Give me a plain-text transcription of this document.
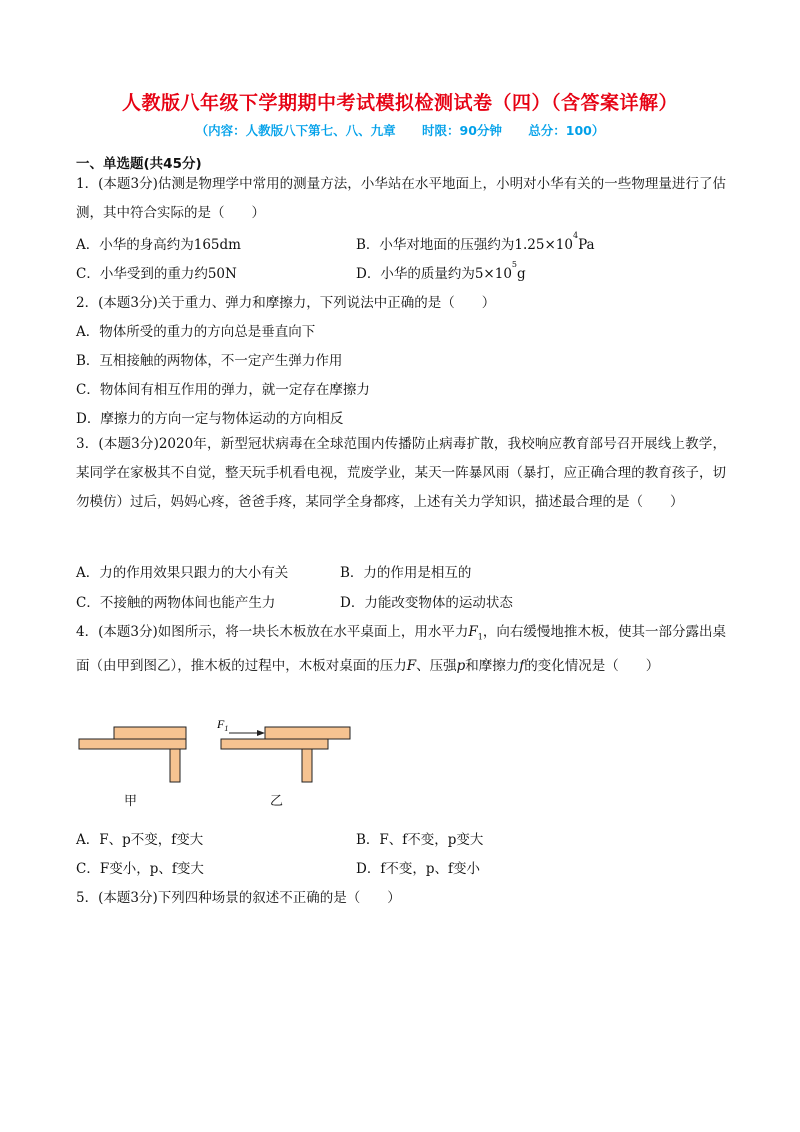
人教版八年级下学期期中考试模拟检测试卷（四）（含答案详解）
（内容：人教版八下第七、八、九章 时限：90分钟 总分：100）
一、单选题(共45分)
1．(本题3分)估测是物理学中常用的测量方法，小华站在水平地面上，小明对小华有关的一些物理量进行了估测，其中符合实际的是（　　）
A．小华的身高约为165dm	B．小华对地面的压强约为$1.25\times 10^4Pa$
C．小华受到的重力约50N	D．小华的质量约为$5\times 10^5g$
2．(本题3分)关于重力、弹力和摩擦力，下列说法中正确的是（　　）
A．物体所受的重力的方向总是垂直向下
B．互相接触的两物体，不一定产生弹力作用
C．物体间有相互作用的弹力，就一定存在摩擦力
D．摩擦力的方向一定与物体运动的方向相反
3．(本题3分)2020年，新型冠状病毒在全球范围内传播防止病毒扩散，我校响应教育部号召开展线上教学，某同学在家极其不自觉，整天玩手机看电视，荒废学业，某天一阵暴风雨（暴打，应正确合理的教育孩子，切勿模仿）过后，妈妈心疼，爸爸手疼，某同学全身都疼，上述有关力学知识，描述最合理的是（　　）
A．力的作用效果只跟力的大小有关	B．力的作用是相互的
C．不接触的两物体间也能产生力	D．力能改变物体的运动状态
4．(本题3分)如图所示，将一块长木板放在水平桌面上，用水平力$F_1$，向右缓慢地推木板，使其一部分露出桌面（由甲到图乙），推木板的过程中，木板对桌面的压力F、压强p和摩擦力f的变化情况是（　　）
$F_1$
甲	乙
A．F、p不变，f变大	B．F、f不变，p变大
C．F变小，p、f变大	D．f不变，p、f变小
5．(本题3分)下列四种场景的叙述不正确的是（　　）
